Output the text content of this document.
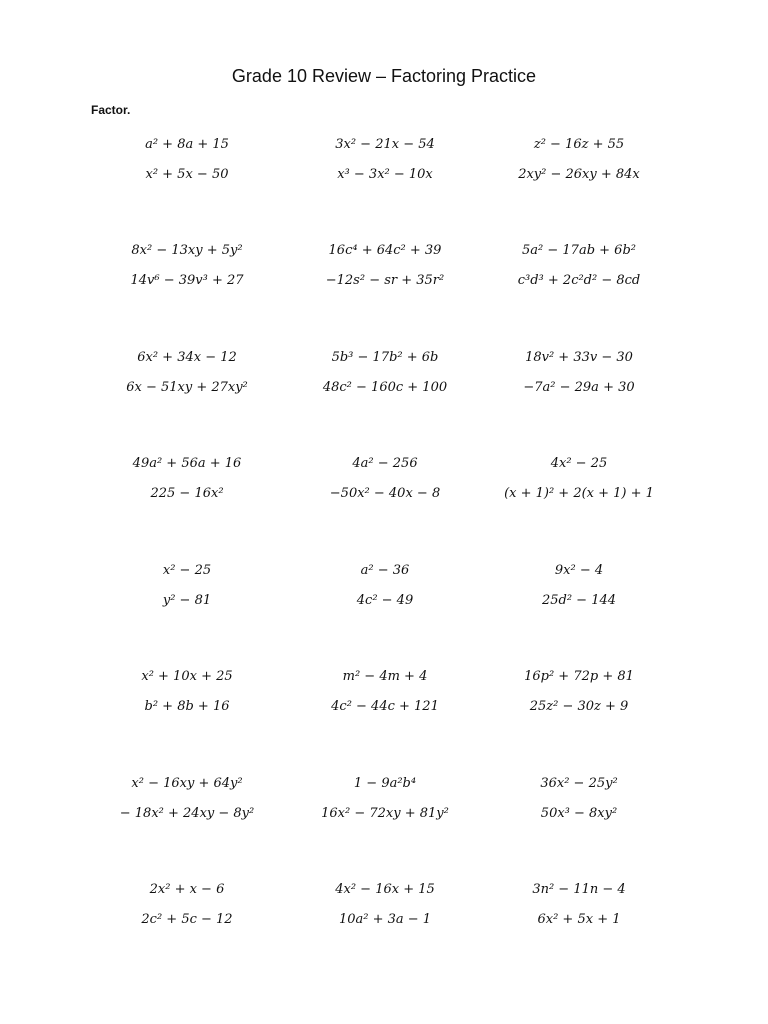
Grade 10 Review – Factoring Practice
Factor.
a² + 8a + 15	3x² − 21x − 54	z² − 16z + 55
x² + 5x − 50	x³ − 3x² − 10x	2xy² − 26xy + 84x
8x² − 13xy + 5y²	16c⁴ + 64c² + 39	5a² − 17ab + 6b²
14v⁶ − 39v³ + 27	−12s² − sr + 35r²	c³d³ + 2c²d² − 8cd
6x² + 34x − 12	5b³ − 17b² + 6b	18v² + 33v − 30
6x − 51xy + 27xy²	48c² − 160c + 100	−7a² − 29a + 30
49a² + 56a + 16	4a² − 256	4x² − 25
225 − 16x²	−50x² − 40x − 8	(x + 1)² + 2(x + 1) + 1
x² − 25	a² − 36	9x² − 4
y² − 81	4c² − 49	25d² − 144
x² + 10x + 25	m² − 4m + 4	16p² + 72p + 81
b² + 8b + 16	4c² − 44c + 121	25z² − 30z + 9
x² − 16xy + 64y²	1 − 9a²b⁴	36x² − 25y²
− 18x² + 24xy − 8y²	16x² − 72xy + 81y²	50x³ − 8xy²
2x² + x − 6	4x² − 16x + 15	3n² − 11n − 4
2c² + 5c − 12	10a² + 3a − 1	6x² + 5x + 1
